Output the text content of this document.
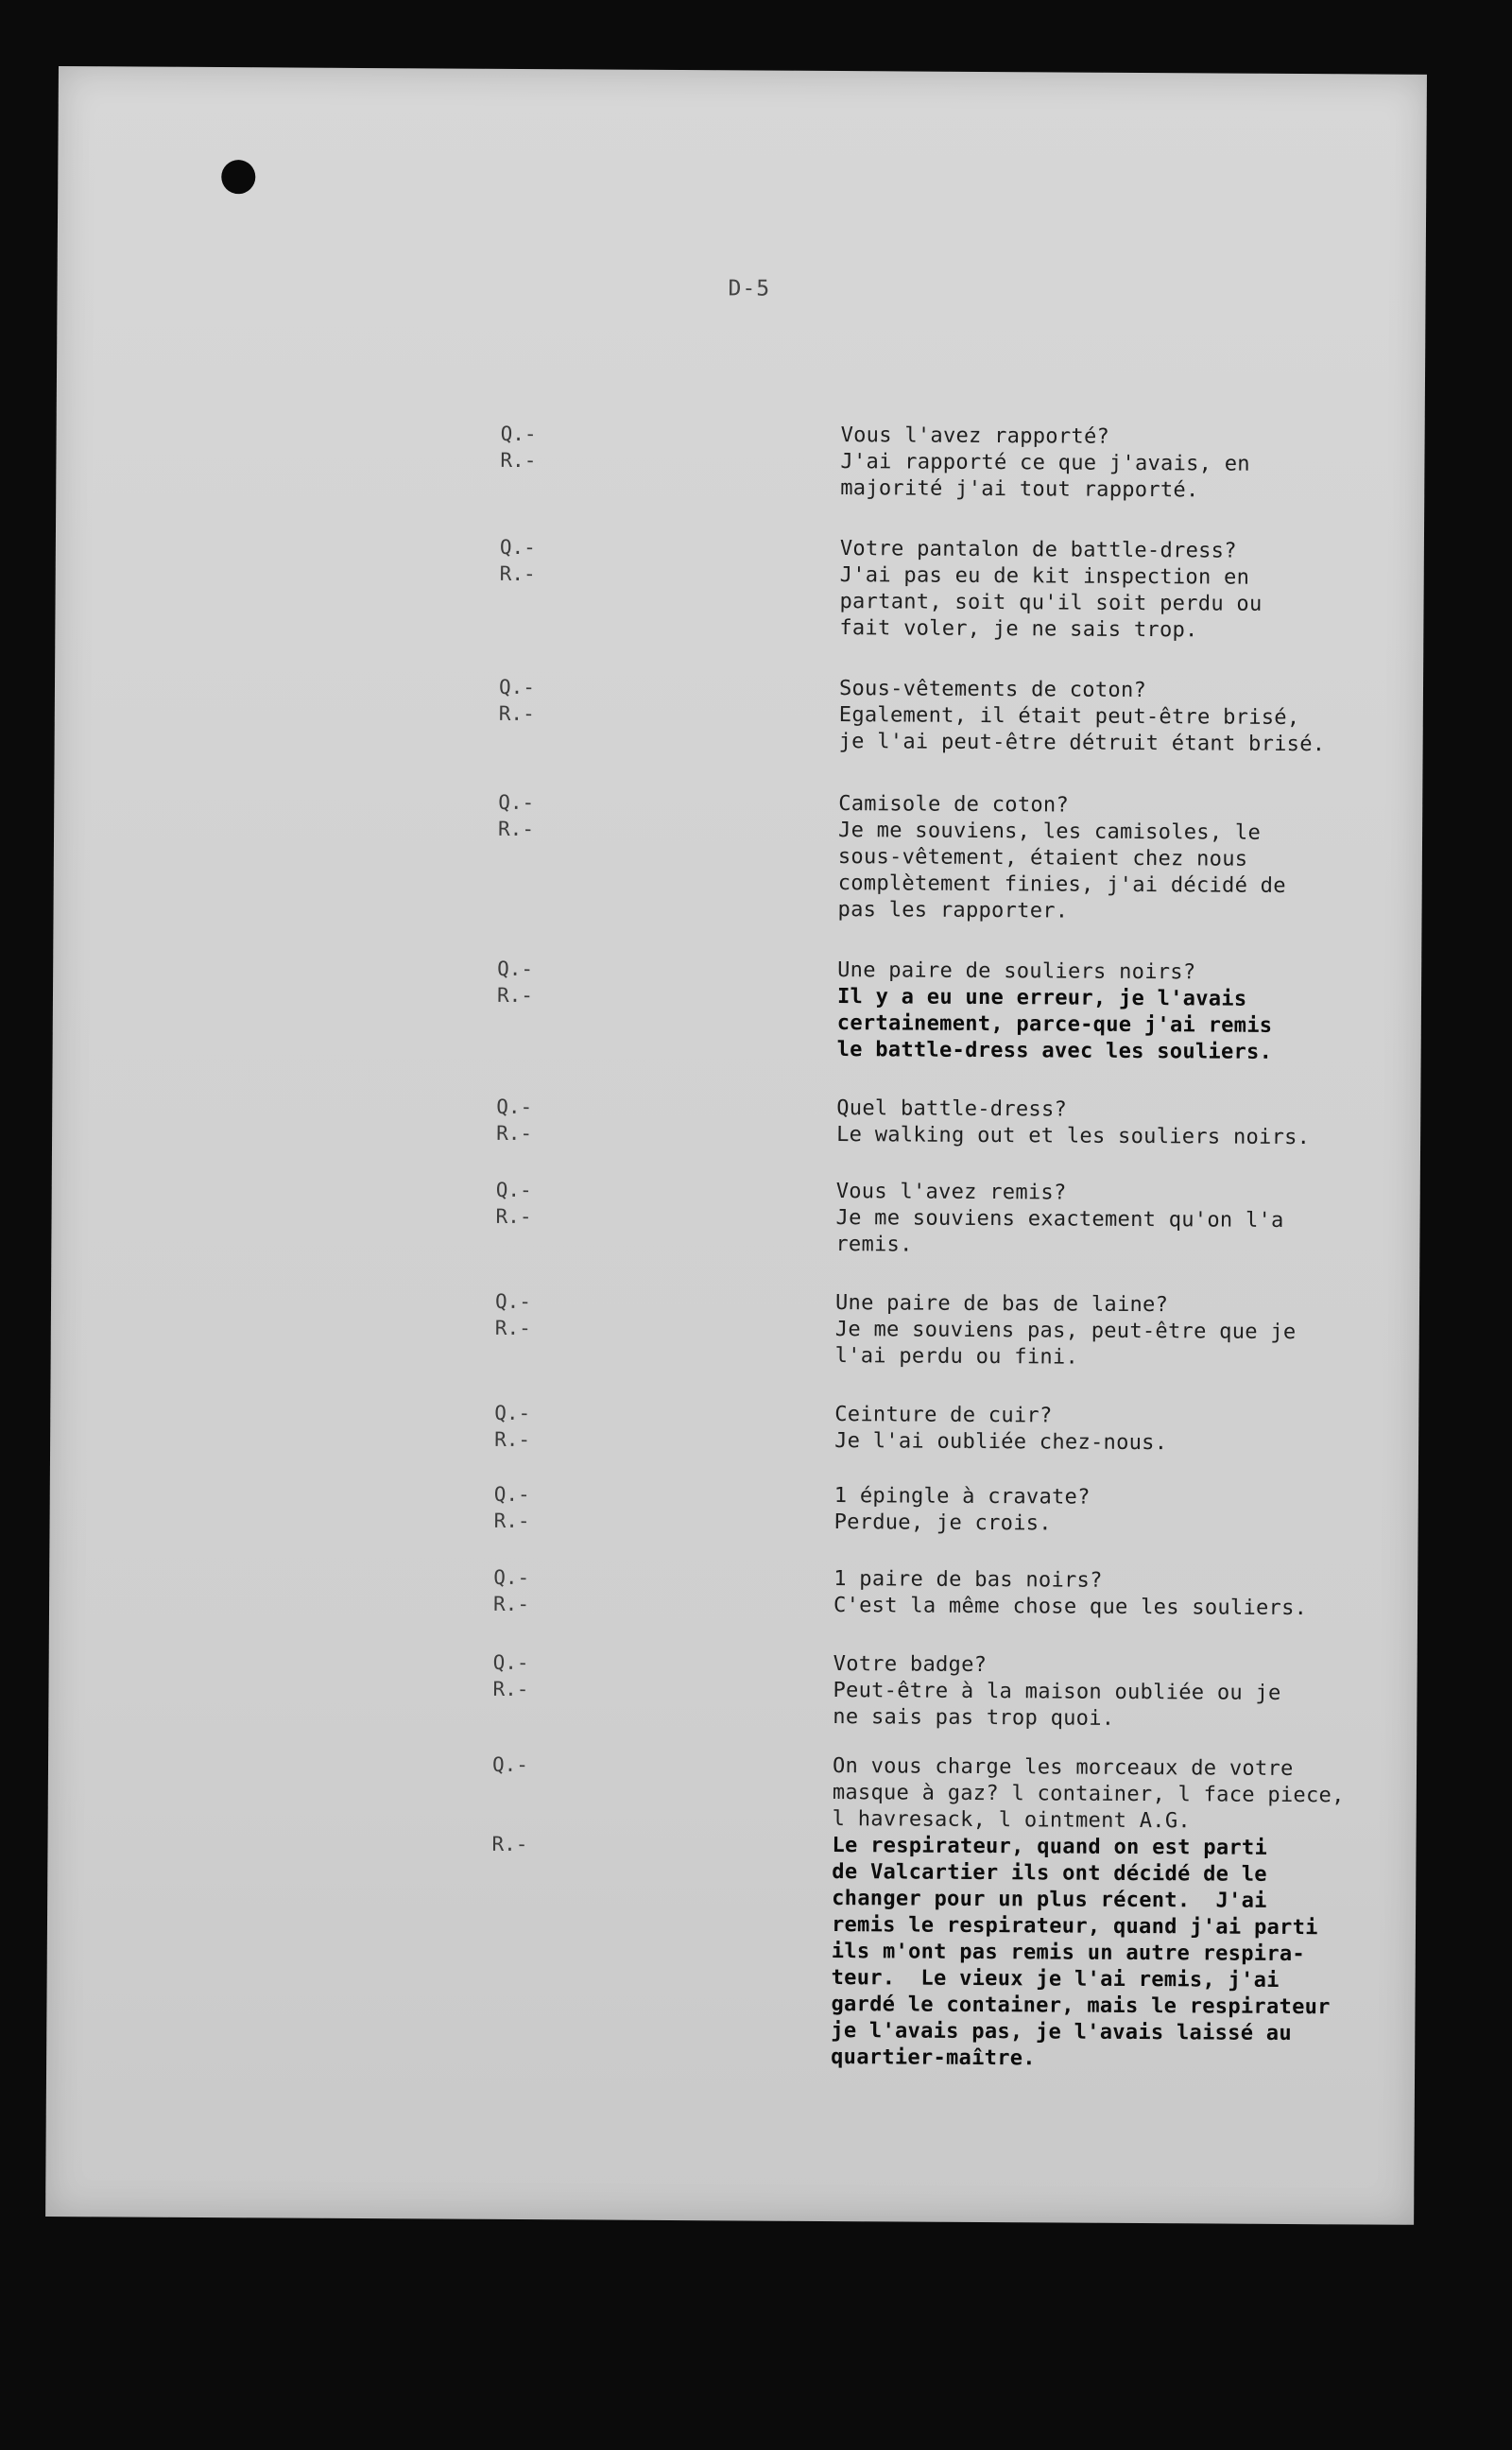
D-5
Q.-
R.-
Vous l'avez rapporté?
J'ai rapporté ce que j'avais, en
majorité j'ai tout rapporté.
Q.-
R.-
Votre pantalon de battle-dress?
J'ai pas eu de kit inspection en
partant, soit qu'il soit perdu ou
fait voler, je ne sais trop.
Q.-
R.-
Sous-vêtements de coton?
Egalement, il était peut-être brisé,
je l'ai peut-être détruit étant brisé.
Q.-
R.-
Camisole de coton?
Je me souviens, les camisoles, le
sous-vêtement, étaient chez nous
complètement finies, j'ai décidé de
pas les rapporter.
Q.-
R.-
Une paire de souliers noirs?
Il y a eu une erreur, je l'avais
certainement, parce-que j'ai remis
le battle-dress avec les souliers.
Q.-
R.-
Quel battle-dress?
Le walking out et les souliers noirs.
Q.-
R.-
Vous l'avez remis?
Je me souviens exactement qu'on l'a
remis.
Q.-
R.-
Une paire de bas de laine?
Je me souviens pas, peut-être que je
l'ai perdu ou fini.
Q.-
R.-
Ceinture de cuir?
Je l'ai oubliée chez-nous.
Q.-
R.-
1 épingle à cravate?
Perdue, je crois.
Q.-
R.-
1 paire de bas noirs?
C'est la même chose que les souliers.
Q.-
R.-
Votre badge?
Peut-être à la maison oubliée ou je
ne sais pas trop quoi.
Q.-
R.-
On vous charge les morceaux de votre
masque à gaz? l container, l face piece,
l havresack, l ointment A.G.
Le respirateur, quand on est parti
de Valcartier ils ont décidé de le
changer pour un plus récent.  J'ai
remis le respirateur, quand j'ai parti
ils m'ont pas remis un autre respira-
teur.  Le vieux je l'ai remis, j'ai
gardé le container, mais le respirateur
je l'avais pas, je l'avais laissé au
quartier-maître.
